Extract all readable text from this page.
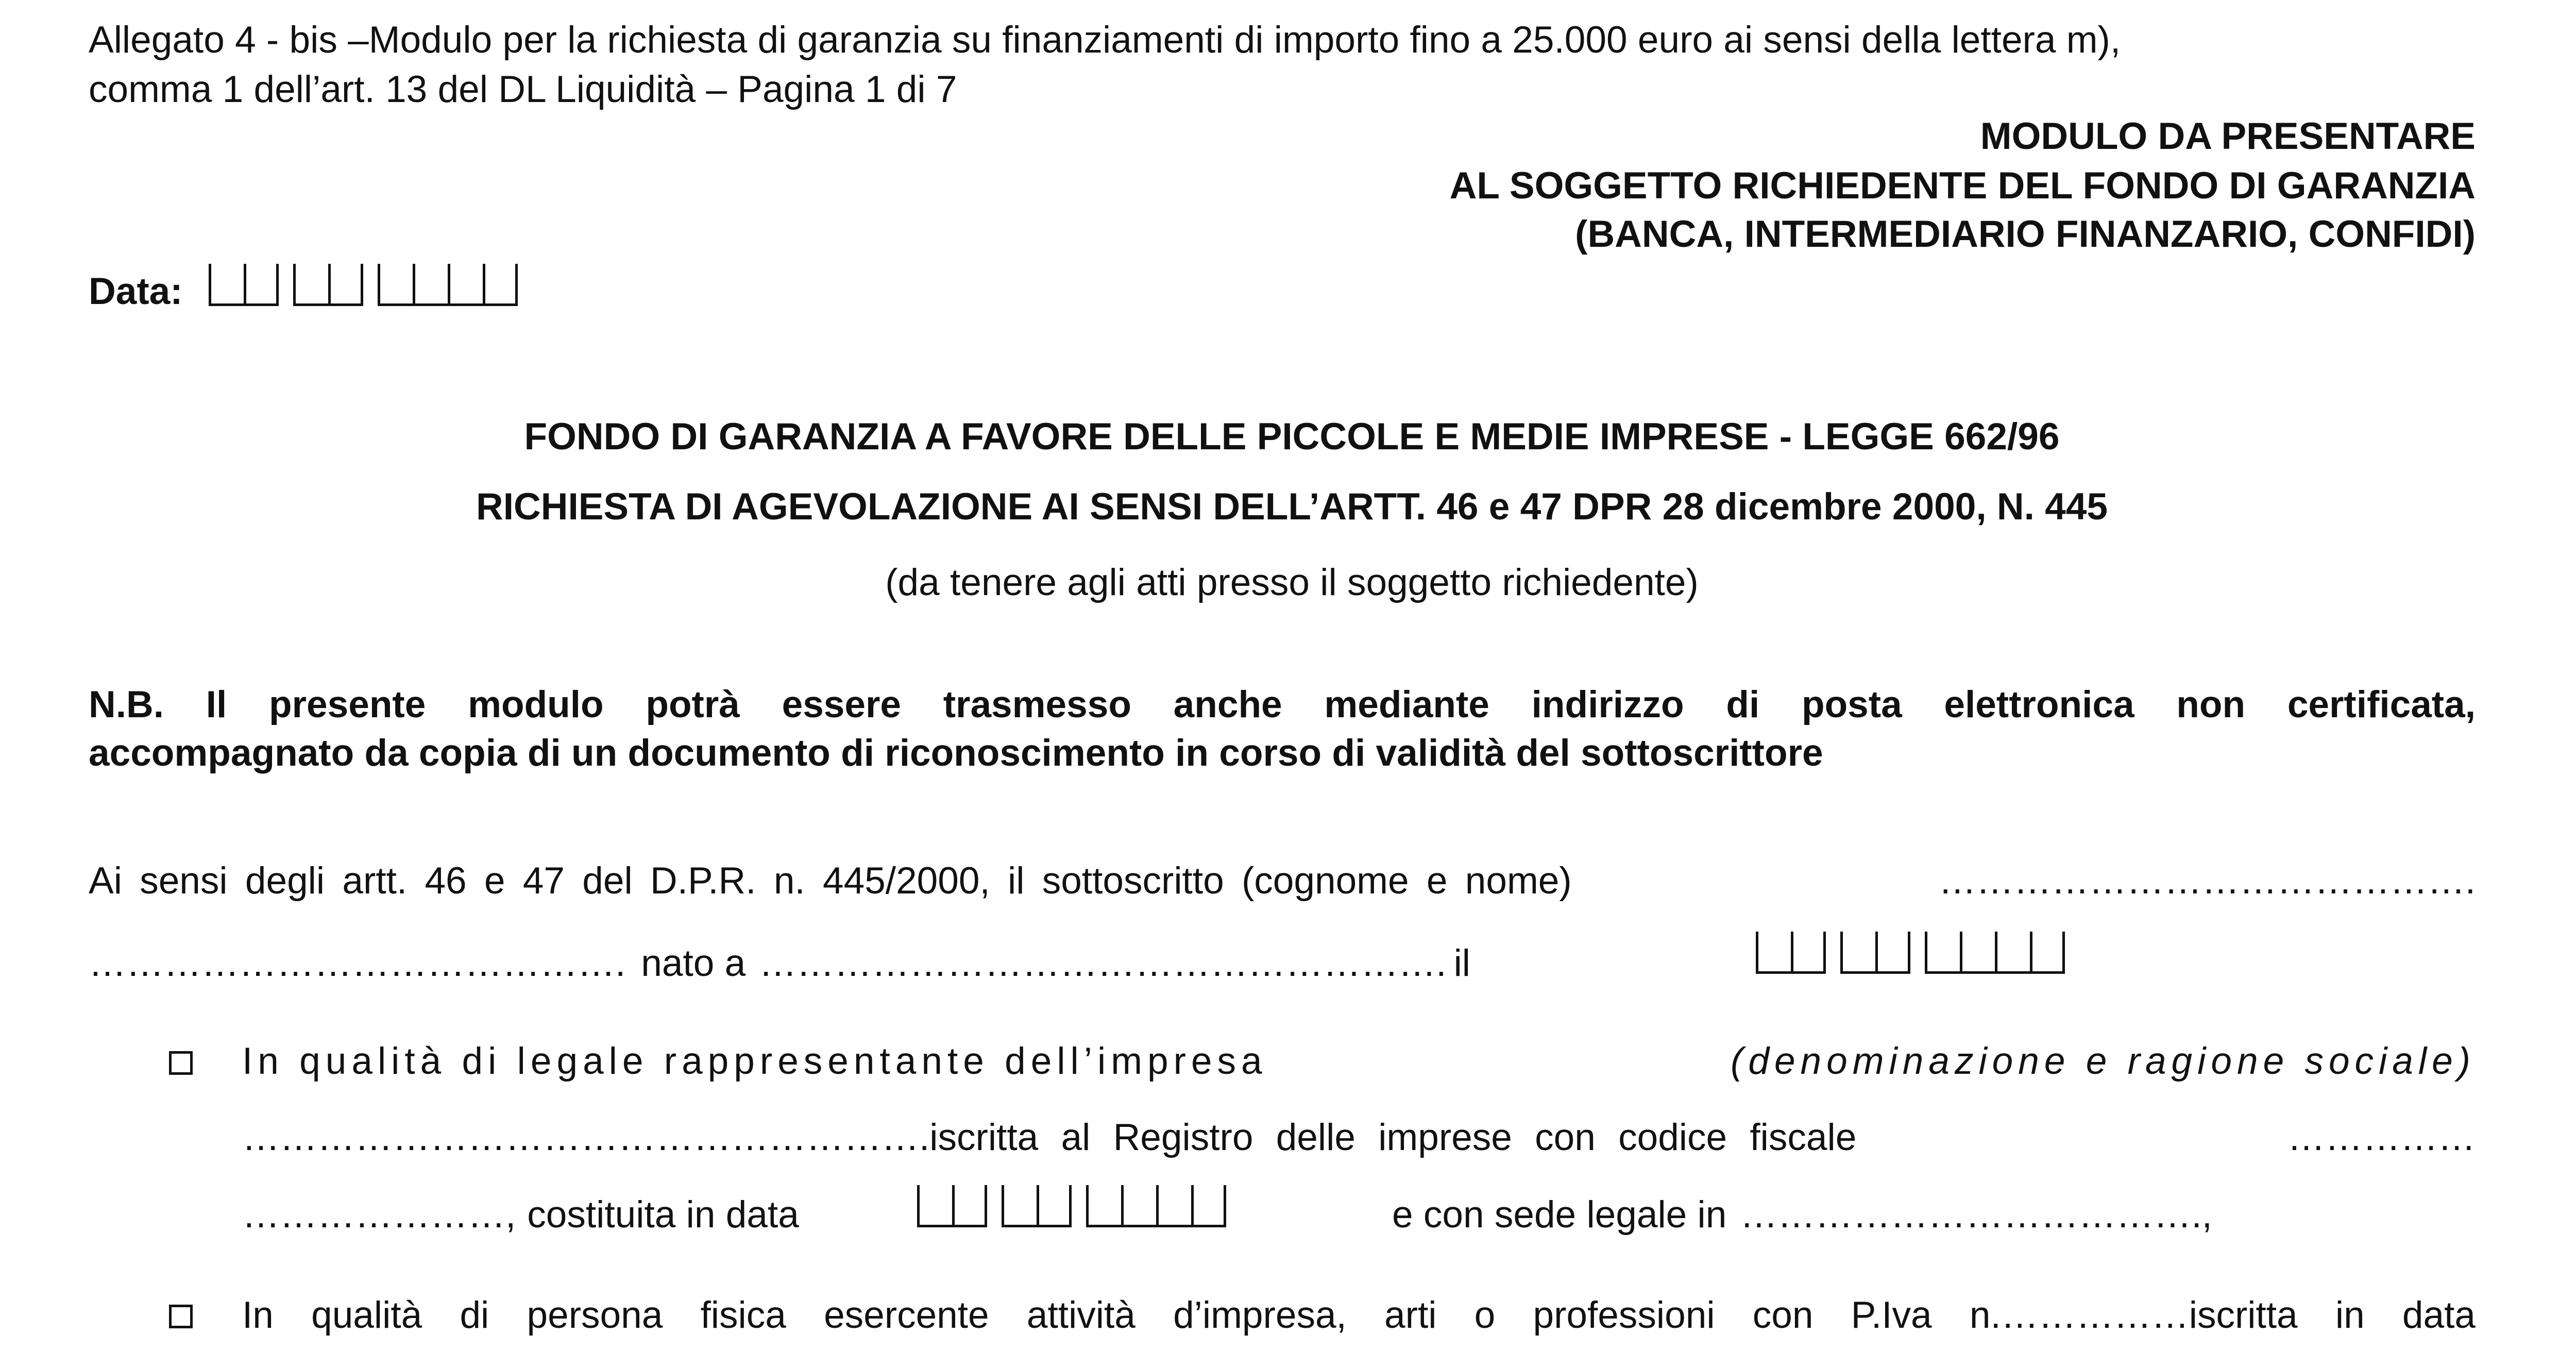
Allegato 4 - bis –Modulo per la richiesta di garanzia su finanziamenti di importo fino a 25.000 euro ai sensi della lettera m),
comma 1 dell’art. 13 del DL Liquidità – Pagina 1 di 7
MODULO DA PRESENTARE
AL SOGGETTO RICHIEDENTE DEL FONDO DI GARANZIA
(BANCA, INTERMEDIARIO FINANZARIO, CONFIDI)
Data:
FONDO DI GARANZIA A FAVORE DELLE PICCOLE E MEDIE IMPRESE - LEGGE 662/96
RICHIESTA DI AGEVOLAZIONE AI SENSI DELL’ARTT. 46 e 47 DPR 28 dicembre 2000, N. 445
(da tenere agli atti presso il soggetto richiedente)
N.B. Il presente modulo potrà essere trasmesso anche mediante indirizzo di posta elettronica non certificata,
accompagnato da copia di un documento di riconoscimento in corso di validità del sottoscrittore
Ai sensi degli artt. 46 e 47 del D.P.R. n. 445/2000, il sottoscritto (cognome e nome)	…………………………………….
……………………………………. nato a ………………………………………………. il
In qualità di legale rappresentante dell’impresa	(denominazione e ragione sociale)
………………………………………………. iscritta al Registro delle imprese con codice fiscale	……………
…………………, costituita in data	e con sede legale in ……………………………….,
In qualità di persona fisica esercente attività d’impresa, arti o professioni con P.Iva n.……………iscritta in data
